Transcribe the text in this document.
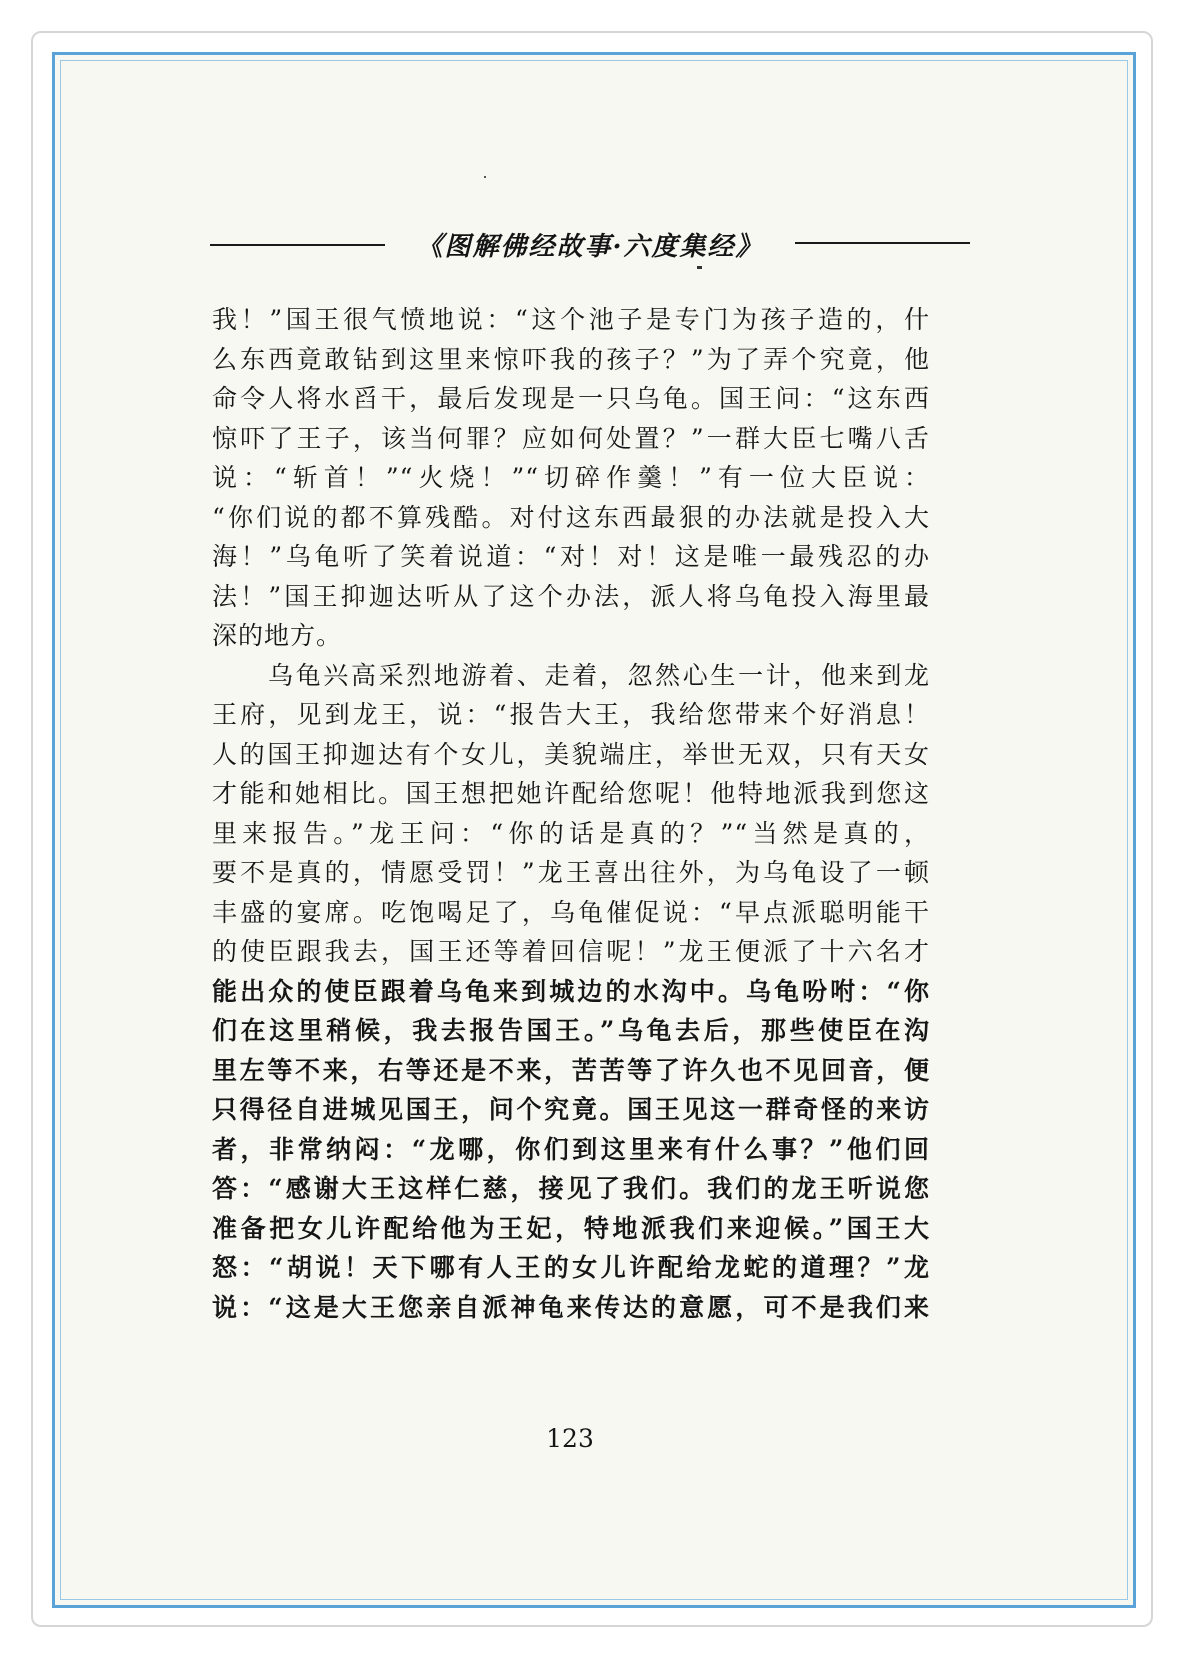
《图解佛经故事·六度集经》
我！”国王很气愤地说：“这个池子是专门为孩子造的，什
么东西竟敢钻到这里来惊吓我的孩子？”为了弄个究竟，他
命令人将水舀干，最后发现是一只乌龟。国王问：“这东西
惊吓了王子，该当何罪？应如何处置？”一群大臣七嘴八舌
说：“斩首！”“火烧！”“切碎作羹！”有一位大臣说：
“你们说的都不算残酷。对付这东西最狠的办法就是投入大
海！”乌龟听了笑着说道：“对！对！这是唯一最残忍的办
法！”国王抑迦达听从了这个办法，派人将乌龟投入海里最
深的地方。
乌龟兴高采烈地游着、走着，忽然心生一计，他来到龙
王府，见到龙王，说：“报告大王，我给您带来个好消息！
人的国王抑迦达有个女儿，美貌端庄，举世无双，只有天女
才能和她相比。国王想把她许配给您呢！他特地派我到您这
里来报告。”龙王问：“你的话是真的？”“当然是真的，
要不是真的，情愿受罚！”龙王喜出往外，为乌龟设了一顿
丰盛的宴席。吃饱喝足了，乌龟催促说：“早点派聪明能干
的使臣跟我去，国王还等着回信呢！”龙王便派了十六名才
能出众的使臣跟着乌龟来到城边的水沟中。乌龟吩咐：“你
们在这里稍候，我去报告国王。”乌龟去后，那些使臣在沟
里左等不来，右等还是不来，苦苦等了许久也不见回音，便
只得径自进城见国王，问个究竟。国王见这一群奇怪的来访
者，非常纳闷：“龙哪，你们到这里来有什么事？”他们回
答：“感谢大王这样仁慈，接见了我们。我们的龙王听说您
准备把女儿许配给他为王妃，特地派我们来迎候。”国王大
怒：“胡说！天下哪有人王的女儿许配给龙蛇的道理？”龙
说：“这是大王您亲自派神龟来传达的意愿，可不是我们来
123
